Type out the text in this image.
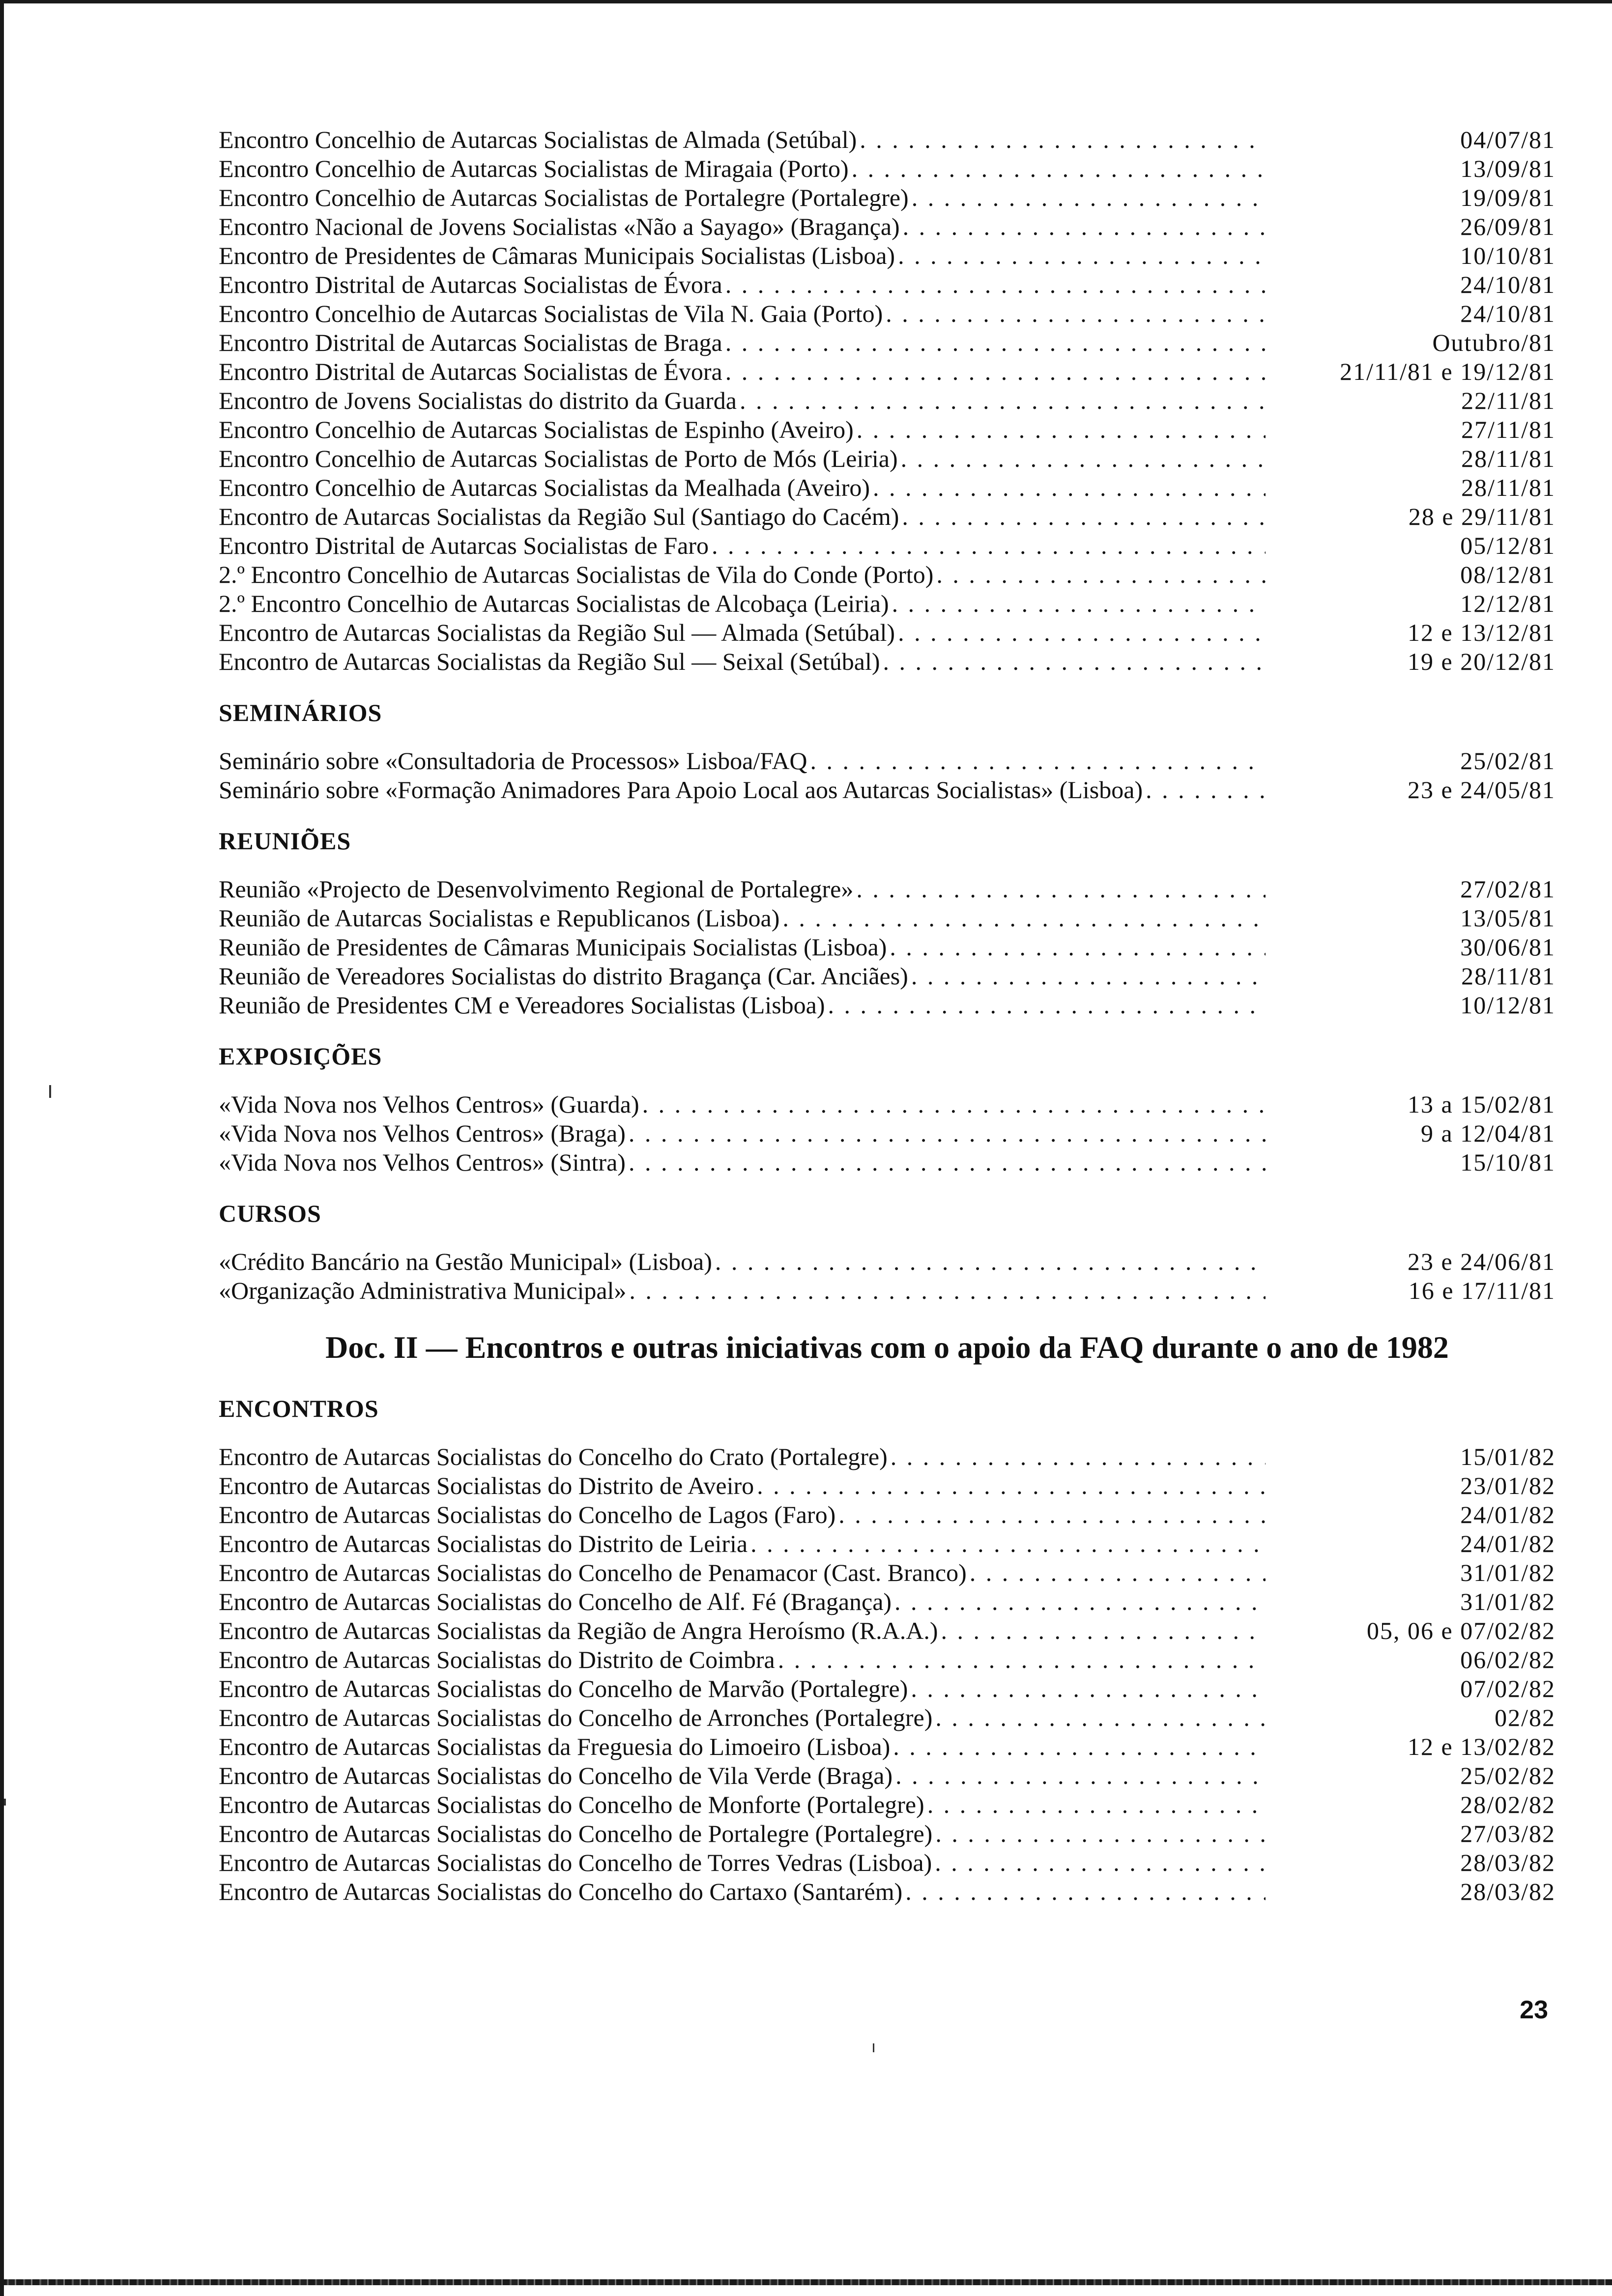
Encontro Concelhio de Autarcas Socialistas de Almada (Setúbal) . . .	04/07/81
Encontro Concelhio de Autarcas Socialistas de Miragaia (Porto) . . .	13/09/81
Encontro Concelhio de Autarcas Socialistas de Portalegre (Portalegre) . . .	19/09/81
Encontro Nacional de Jovens Socialistas «Não a Sayago» (Bragança) . . .	26/09/81
Encontro de Presidentes de Câmaras Municipais Socialistas (Lisboa) . . .	10/10/81
Encontro Distrital de Autarcas Socialistas de Évora . . .	24/10/81
Encontro Concelhio de Autarcas Socialistas de Vila N. Gaia (Porto) . . .	24/10/81
Encontro Distrital de Autarcas Socialistas de Braga . . .	Outubro/81
Encontro Distrital de Autarcas Socialistas de Évora . . .	21/11/81 e 19/12/81
Encontro de Jovens Socialistas do distrito da Guarda . . .	22/11/81
Encontro Concelhio de Autarcas Socialistas de Espinho (Aveiro) . . .	27/11/81
Encontro Concelhio de Autarcas Socialistas de Porto de Mós (Leiria) . . .	28/11/81
Encontro Concelhio de Autarcas Socialistas da Mealhada (Aveiro) . . .	28/11/81
Encontro de Autarcas Socialistas da Região Sul (Santiago do Cacém) . . .	28 e 29/11/81
Encontro Distrital de Autarcas Socialistas de Faro . . .	05/12/81
2.º Encontro Concelhio de Autarcas Socialistas de Vila do Conde (Porto) . . .	08/12/81
2.º Encontro Concelhio de Autarcas Socialistas de Alcobaça (Leiria) . . .	12/12/81
Encontro de Autarcas Socialistas da Região Sul — Almada (Setúbal) . . .	12 e 13/12/81
Encontro de Autarcas Socialistas da Região Sul — Seixal (Setúbal) . . .	19 e 20/12/81
SEMINÁRIOS
Seminário sobre «Consultadoria de Processos» Lisboa/FAQ . . .	25/02/81
Seminário sobre «Formação Animadores Para Apoio Local aos Autarcas Socialistas» (Lisboa) . . .	23 e 24/05/81
REUNIÕES
Reunião «Projecto de Desenvolvimento Regional de Portalegre» . . .	27/02/81
Reunião de Autarcas Socialistas e Republicanos (Lisboa) . . .	13/05/81
Reunião de Presidentes de Câmaras Municipais Socialistas (Lisboa) . . .	30/06/81
Reunião de Vereadores Socialistas do distrito Bragança (Car. Anciães) . . .	28/11/81
Reunião de Presidentes CM e Vereadores Socialistas (Lisboa) . . .	10/12/81
EXPOSIÇÕES
«Vida Nova nos Velhos Centros» (Guarda) . . .	13 a 15/02/81
«Vida Nova nos Velhos Centros» (Braga) . . .	9 a 12/04/81
«Vida Nova nos Velhos Centros» (Sintra) . . .	15/10/81
CURSOS
«Crédito Bancário na Gestão Municipal» (Lisboa) . . .	23 e 24/06/81
«Organização Administrativa Municipal» . . .	16 e 17/11/81
Doc. II — Encontros e outras iniciativas com o apoio da FAQ durante o ano de 1982
ENCONTROS
Encontro de Autarcas Socialistas do Concelho do Crato (Portalegre) . . .	15/01/82
Encontro de Autarcas Socialistas do Distrito de Aveiro . . .	23/01/82
Encontro de Autarcas Socialistas do Concelho de Lagos (Faro) . . .	24/01/82
Encontro de Autarcas Socialistas do Distrito de Leiria . . .	24/01/82
Encontro de Autarcas Socialistas do Concelho de Penamacor (Cast. Branco) . . .	31/01/82
Encontro de Autarcas Socialistas do Concelho de Alf. Fé (Bragança) . . .	31/01/82
Encontro de Autarcas Socialistas da Região de Angra Heroísmo (R.A.A.) . . .	05, 06 e 07/02/82
Encontro de Autarcas Socialistas do Distrito de Coimbra . . .	06/02/82
Encontro de Autarcas Socialistas do Concelho de Marvão (Portalegre) . . .	07/02/82
Encontro de Autarcas Socialistas do Concelho de Arronches (Portalegre) . . .	02/82
Encontro de Autarcas Socialistas da Freguesia do Limoeiro (Lisboa) . . .	12 e 13/02/82
Encontro de Autarcas Socialistas do Concelho de Vila Verde (Braga) . . .	25/02/82
Encontro de Autarcas Socialistas do Concelho de Monforte (Portalegre) . . .	28/02/82
Encontro de Autarcas Socialistas do Concelho de Portalegre (Portalegre) . . .	27/03/82
Encontro de Autarcas Socialistas do Concelho de Torres Vedras (Lisboa) . . .	28/03/82
Encontro de Autarcas Socialistas do Concelho do Cartaxo (Santarém) . . .	28/03/82
23
